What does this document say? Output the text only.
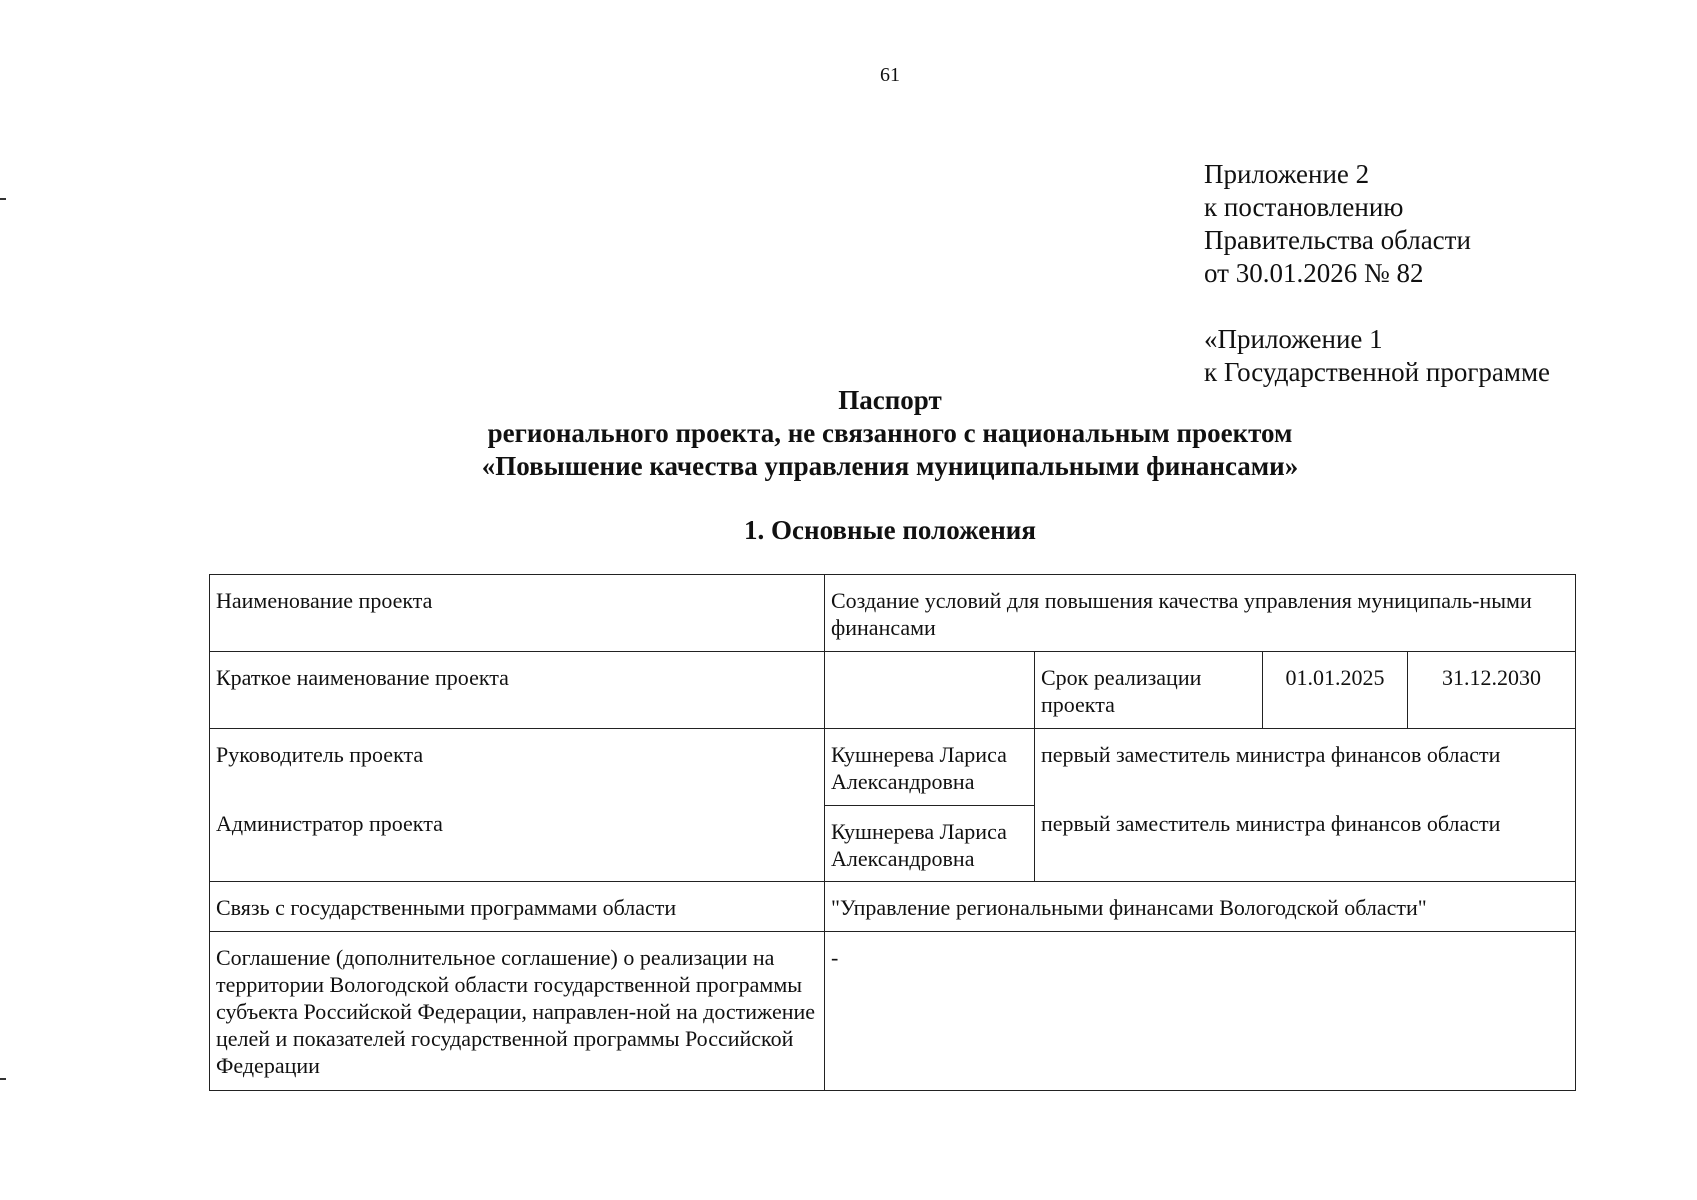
61
Приложение 2
к постановлению
Правительства области
от 30.01.2026 № 82
«Приложение 1
к Государственной программе
Паспорт
регионального проекта, не связанного с национальным проектом
«Повышение качества управления муниципальными финансами»
1. Основные положения
Наименование проекта	Создание условий для повышения качества управления муниципаль-ными финансами			
Краткое наименование проекта		Срок реализации проекта	01.01.2025	31.12.2030
Руководитель проекта	Кушнерева Лариса Александровна	первый заместитель министра финансов области		
Администратор проекта	Кушнерева Лариса Александровна	первый заместитель министра финансов области		
Связь с государственными программами области	"Управление региональными финансами Вологодской области"			
Соглашение (дополнительное соглашение) о реализации на территории Вологодской области государственной программы субъекта Российской Федерации, направлен-ной на достижение целей и показателей государственной программы Российской Федерации	-			
